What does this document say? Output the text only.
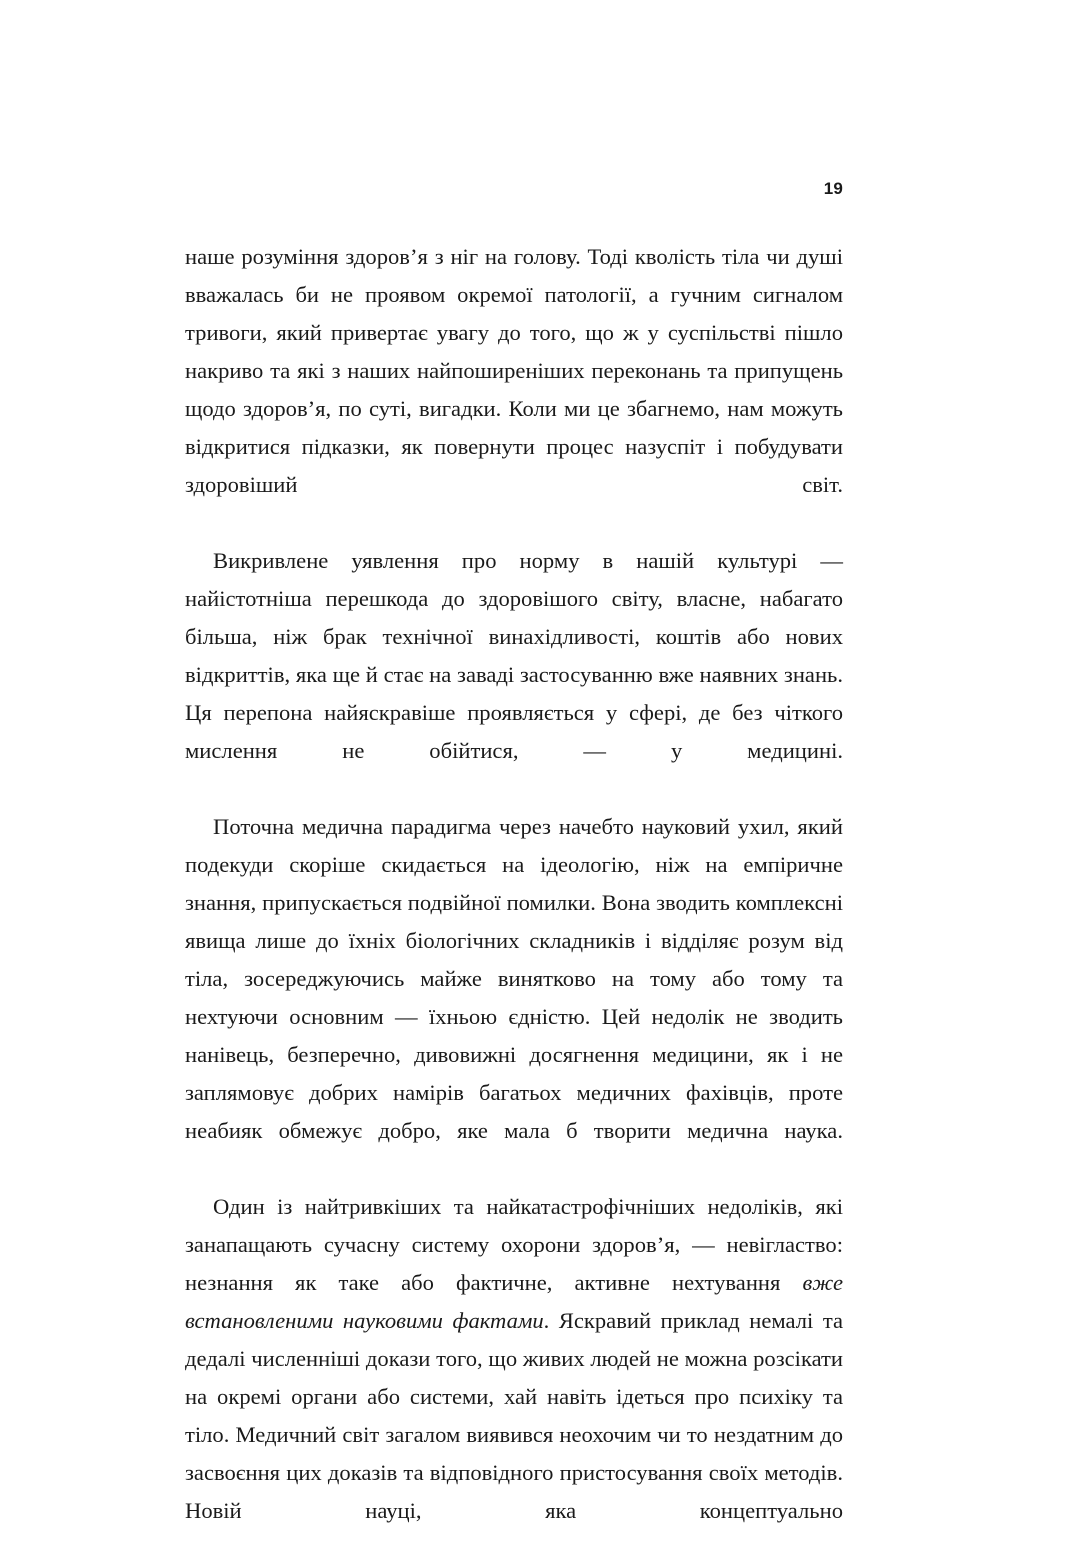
19

наше розуміння здоров’я з ніг на голову. Тоді кволість тіла чи душі вважалась би не проявом окремої патології, а гучним сигналом тривоги, який привертає увагу до того, що ж у суспільстві пішло накриво та які з наших найпоширеніших переконань та припущень щодо здоров’я, по суті, вигадки. Коли ми це збагнемо, нам можуть відкритися підказки, як повернути процес назуспіт і побудувати здоровіший світ.

Викривлене уявлення про норму в нашій культурі — найістотніша перешкода до здоровішого світу, власне, набагато більша, ніж брак технічної винахідливості, коштів або нових відкриттів, яка ще й стає на заваді застосуванню вже наявних знань. Ця перепона найяскравіше проявляється у сфері, де без чіткого мислення не обійтися, — у медицині.

Поточна медична парадигма через начебто науковий ухил, який подекуди скоріше скидається на ідеологію, ніж на емпіричне знання, припускається подвійної помилки. Вона зводить комплексні явища лише до їхніх біологічних складників і відділяє розум від тіла, зосереджуючись майже винятково на тому або тому та нехтуючи основним — їхньою єдністю. Цей недолік не зводить нанівець, безперечно, дивовижні досягнення медицини, як і не заплямовує добрих намірів багатьох медичних фахівців, проте неабияк обмежує добро, яке мала б творити медична наука.

Один із найтривкіших та найкатастрофічніших недоліків, які занапащають сучасну систему охорони здоров’я, — невігластво: незнання як таке або фактичне, активне нехтування вже встановленими науковими фактами. Яскравий приклад немалі та дедалі численніші докази того, що живих людей не можна розсікати на окремі органи або системи, хай навіть ідеться про психіку та тіло. Медичний світ загалом виявився неохочим чи то нездатним до засвоєння цих доказів та відповідного пристосування своїх методів. Новій науці, яка концептуально
